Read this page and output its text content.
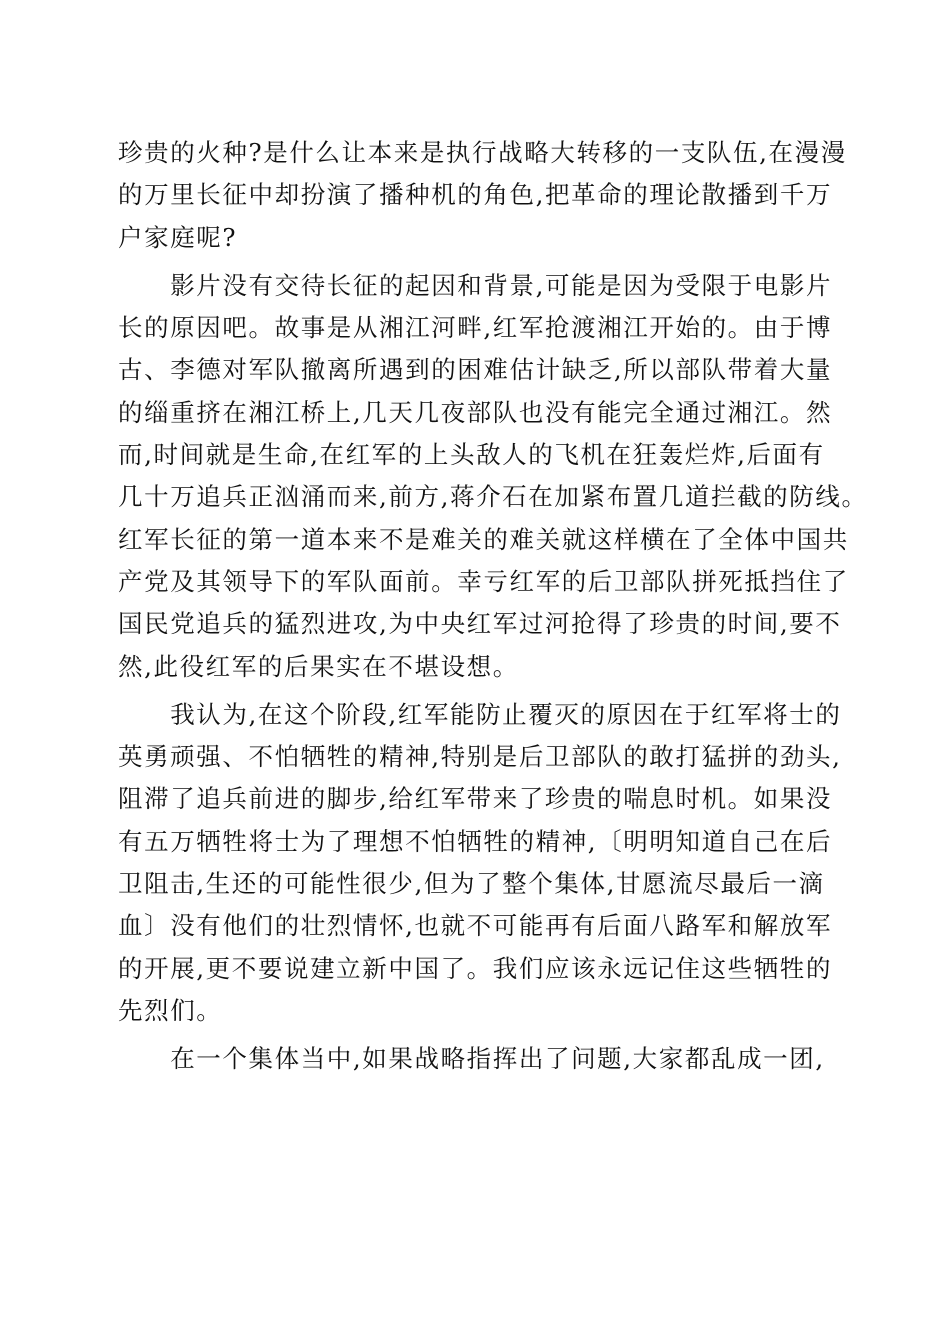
珍贵的火种?是什么让本来是执行战略大转移的一支队伍,在漫漫
的万里长征中却扮演了播种机的角色,把革命的理论散播到千万
户家庭呢?
　　影片没有交待长征的起因和背景,可能是因为受限于电影片
长的原因吧。故事是从湘江河畔,红军抢渡湘江开始的。由于博
古、李德对军队撤离所遇到的困难估计缺乏,所以部队带着大量
的缁重挤在湘江桥上,几天几夜部队也没有能完全通过湘江。然
而,时间就是生命,在红军的上头敌人的飞机在狂轰烂炸,后面有
几十万追兵正汹涌而来,前方,蒋介石在加紧布置几道拦截的防线。
红军长征的第一道本来不是难关的难关就这样横在了全体中国共
产党及其领导下的军队面前。幸亏红军的后卫部队拼死抵挡住了
国民党追兵的猛烈进攻,为中央红军过河抢得了珍贵的时间,要不
然,此役红军的后果实在不堪设想。
　　我认为,在这个阶段,红军能防止覆灭的原因在于红军将士的
英勇顽强、不怕牺牲的精神,特别是后卫部队的敢打猛拼的劲头,
阻滞了追兵前进的脚步,给红军带来了珍贵的喘息时机。如果没
有五万牺牲将士为了理想不怕牺牲的精神,〔明明知道自己在后
卫阻击,生还的可能性很少,但为了整个集体,甘愿流尽最后一滴
血〕没有他们的壮烈情怀,也就不可能再有后面八路军和解放军
的开展,更不要说建立新中国了。我们应该永远记住这些牺牲的
先烈们。
　　在一个集体当中,如果战略指挥出了问题,大家都乱成一团,
